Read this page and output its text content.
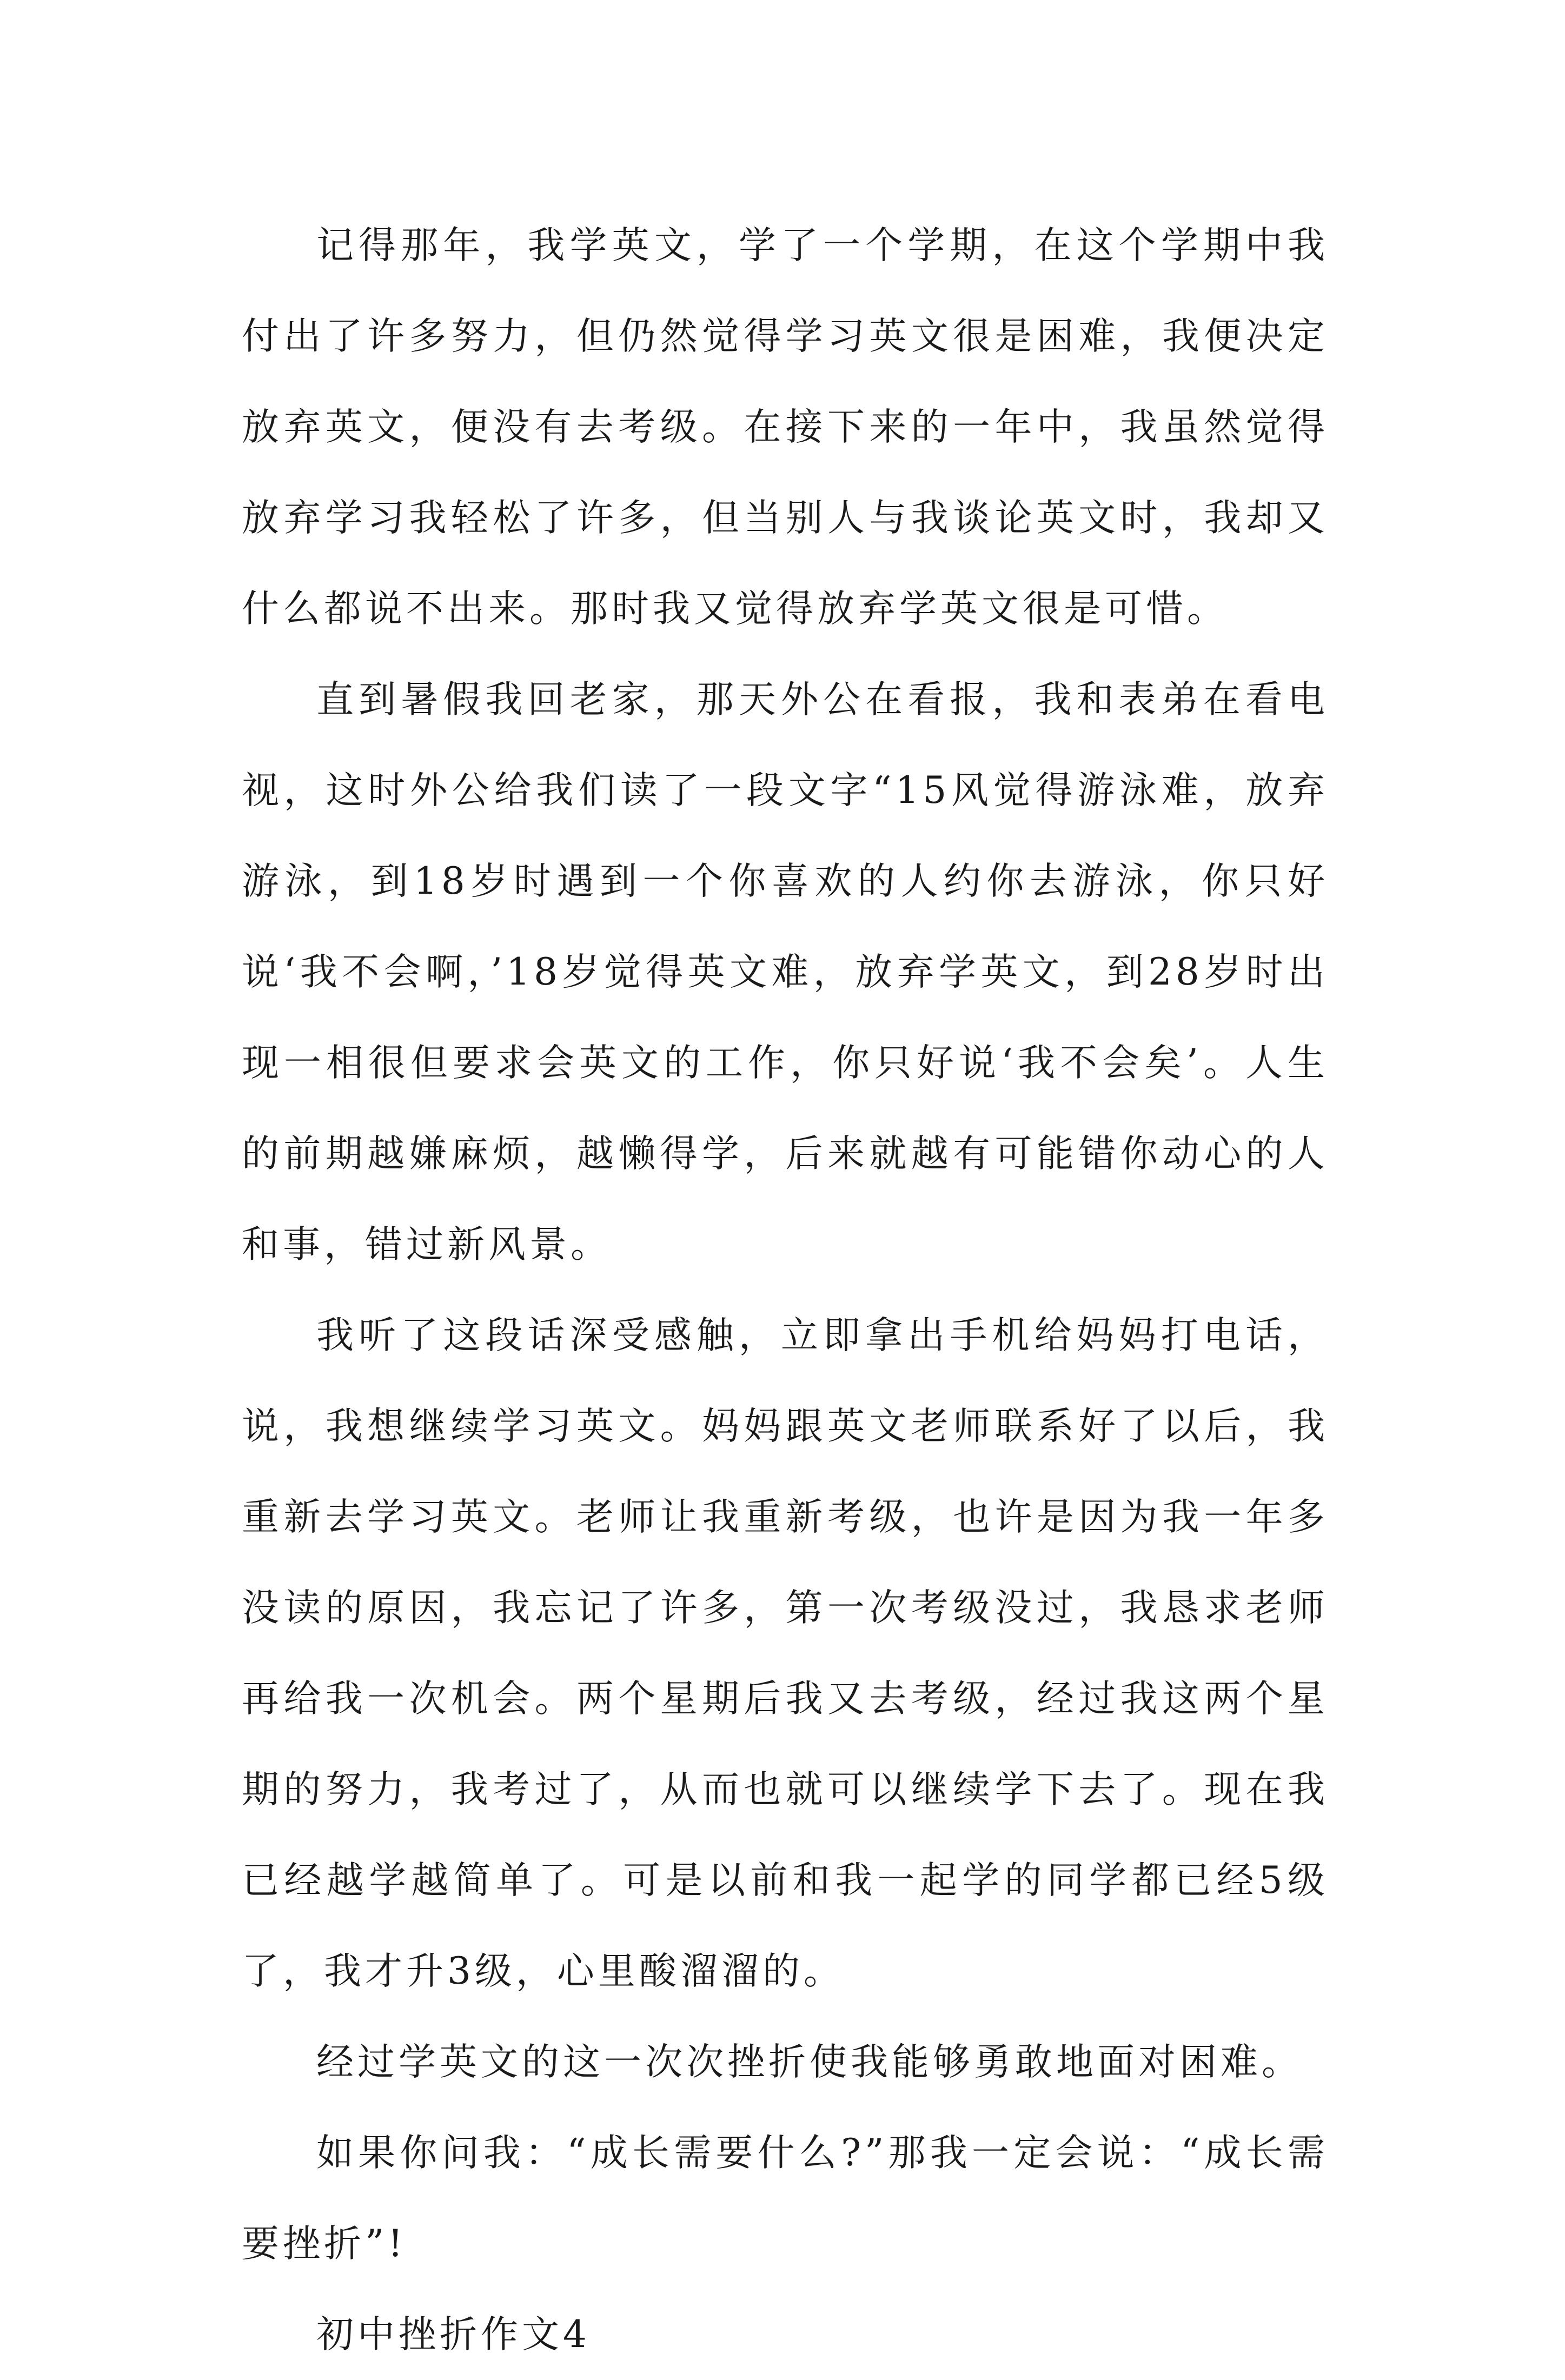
记得那年，我学英文，学了一个学期，在这个学期中我付出了许多努力，但仍然觉得学习英文很是困难，我便决定放弃英文，便没有去考级。在接下来的一年中，我虽然觉得放弃学习我轻松了许多，但当别人与我谈论英文时，我却又什么都说不出来。那时我又觉得放弃学英文很是可惜。

直到暑假我回老家，那天外公在看报，我和表弟在看电视，这时外公给我们读了一段文字“15风觉得游泳难，放弃游泳，到18岁时遇到一个你喜欢的人约你去游泳，你只好说‘我不会啊，’18岁觉得英文难，放弃学英文，到28岁时出现一相很但要求会英文的工作，你只好说‘我不会矣’。人生的前期越嫌麻烦，越懒得学，后来就越有可能错你动心的人和事，错过新风景。

我听了这段话深受感触，立即拿出手机给妈妈打电话，说，我想继续学习英文。妈妈跟英文老师联系好了以后，我重新去学习英文。老师让我重新考级，也许是因为我一年多没读的原因，我忘记了许多，第一次考级没过，我恳求老师再给我一次机会。两个星期后我又去考级，经过我这两个星期的努力，我考过了，从而也就可以继续学下去了。现在我已经越学越简单了。可是以前和我一起学的同学都已经5级了，我才升3级，心里酸溜溜的。

经过学英文的这一次次挫折使我能够勇敢地面对困难。

如果你问我：“成长需要什么?”那我一定会说：“成长需要挫折”!

初中挫折作文4
